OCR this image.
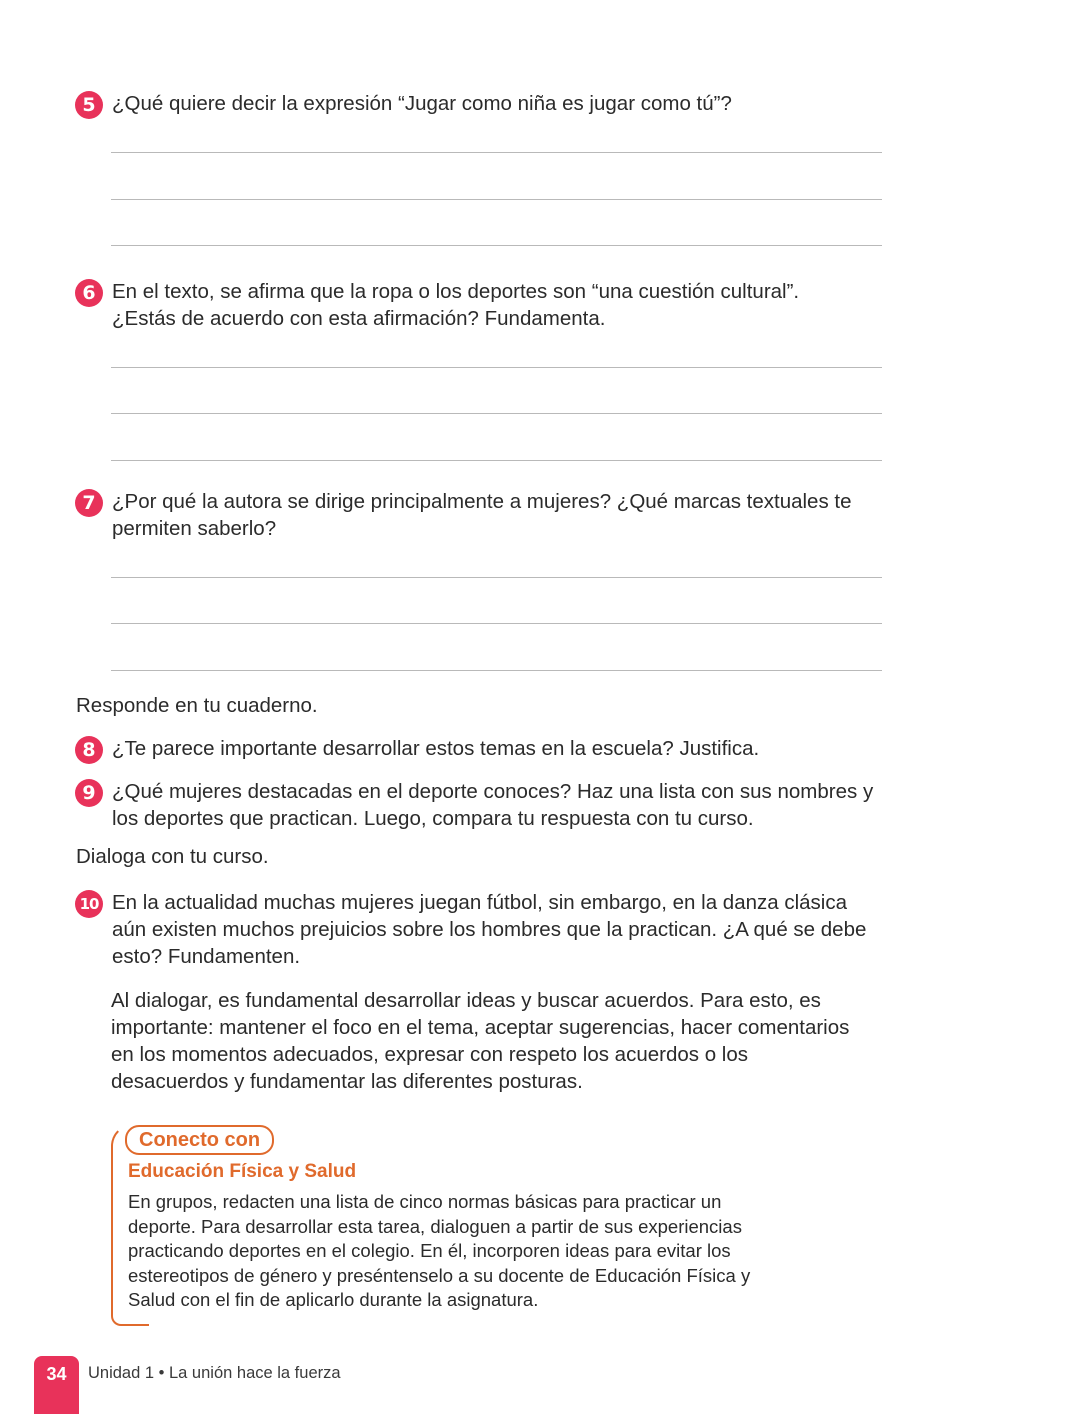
5 ¿Qué quiere decir la expresión “Jugar como niña es jugar como tú”?
6 En el texto, se afirma que la ropa o los deportes son “una cuestión cultural”. ¿Estás de acuerdo con esta afirmación? Fundamenta.
7 ¿Por qué la autora se dirige principalmente a mujeres? ¿Qué marcas textuales te permiten saberlo?
Responde en tu cuaderno.
8 ¿Te parece importante desarrollar estos temas en la escuela? Justifica.
9 ¿Qué mujeres destacadas en el deporte conoces? Haz una lista con sus nombres y los deportes que practican. Luego, compara tu respuesta con tu curso.
Dialoga con tu curso.
10 En la actualidad muchas mujeres juegan fútbol, sin embargo, en la danza clásica aún existen muchos prejuicios sobre los hombres que la practican. ¿A qué se debe esto? Fundamenten.
Al dialogar, es fundamental desarrollar ideas y buscar acuerdos. Para esto, es importante: mantener el foco en el tema, aceptar sugerencias, hacer comentarios en los momentos adecuados, expresar con respeto los acuerdos o los desacuerdos y fundamentar las diferentes posturas.
Conecto con
Educación Física y Salud
En grupos, redacten una lista de cinco normas básicas para practicar un deporte. Para desarrollar esta tarea, dialoguen a partir de sus experiencias practicando deportes en el colegio. En él, incorporen ideas para evitar los estereotipos de género y preséntenselo a su docente de Educación Física y Salud con el fin de aplicarlo durante la asignatura.
34	Unidad 1 • La unión hace la fuerza
